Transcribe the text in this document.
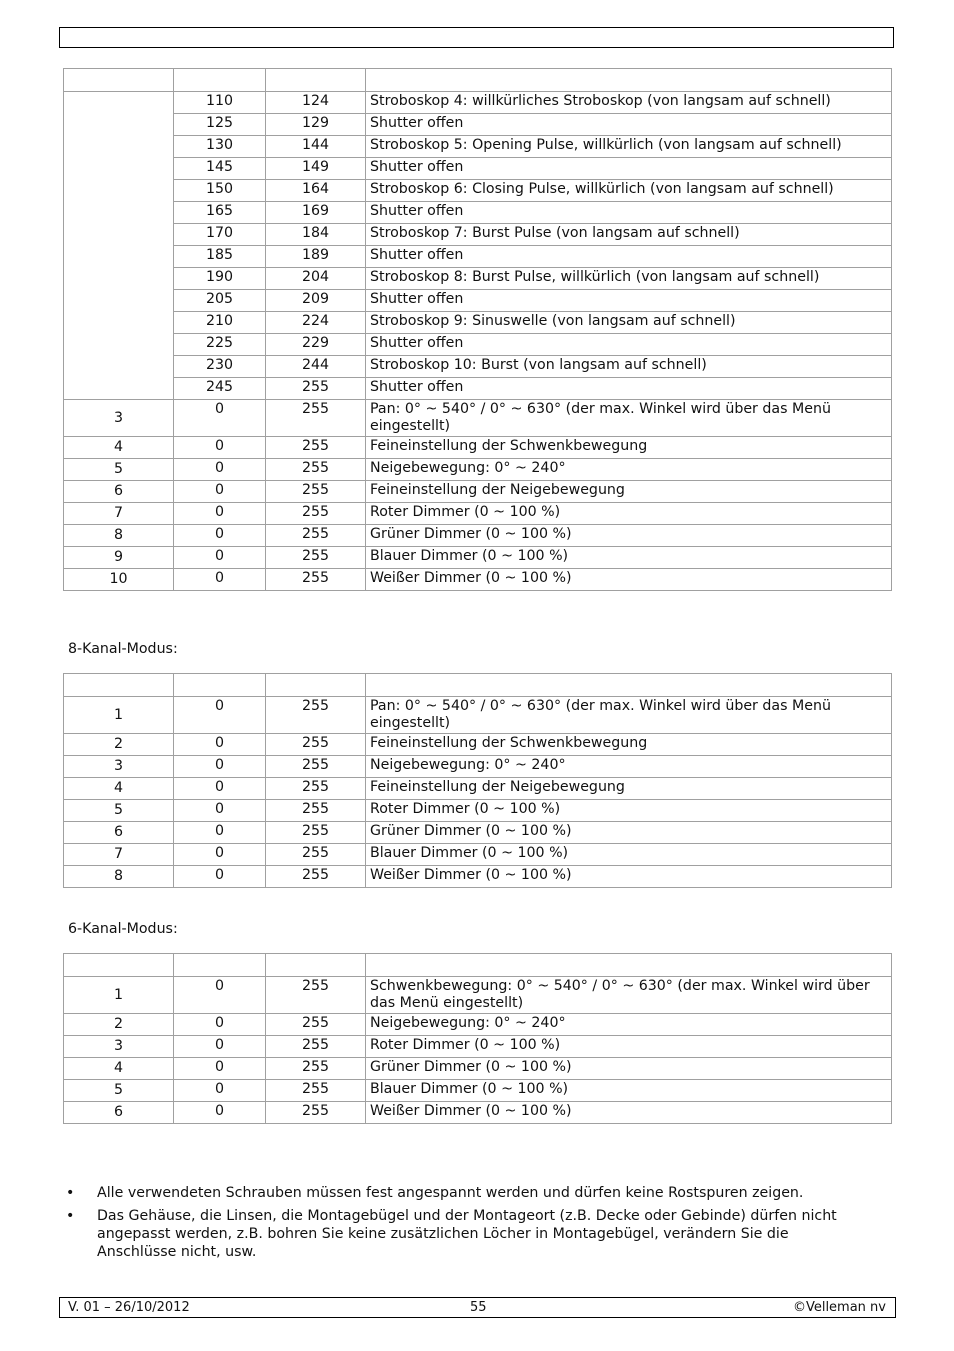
	110	124	Stroboskop 4: willkürliches Stroboskop (von langsam auf schnell)
	125	129	Shutter offen
	130	144	Stroboskop 5: Opening Pulse, willkürlich (von langsam auf schnell)
	145	149	Shutter offen
	150	164	Stroboskop 6: Closing Pulse, willkürlich (von langsam auf schnell)
	165	169	Shutter offen
	170	184	Stroboskop 7: Burst Pulse (von langsam auf schnell)
	185	189	Shutter offen
	190	204	Stroboskop 8: Burst Pulse, willkürlich (von langsam auf schnell)
	205	209	Shutter offen
	210	224	Stroboskop 9: Sinuswelle (von langsam auf schnell)
	225	229	Shutter offen
	230	244	Stroboskop 10: Burst (von langsam auf schnell)
	245	255	Shutter offen
3	0	255	Pan: 0° ~ 540° / 0° ~ 630° (der max. Winkel wird über das Menü eingestellt)
4	0	255	Feineinstellung der Schwenkbewegung
5	0	255	Neigebewegung: 0° ~ 240°
6	0	255	Feineinstellung der Neigebewegung
7	0	255	Roter Dimmer (0 ~ 100 %)
8	0	255	Grüner Dimmer (0 ~ 100 %)
9	0	255	Blauer Dimmer (0 ~ 100 %)
10	0	255	Weißer Dimmer (0 ~ 100 %)
8-Kanal-Modus:

1	0	255	Pan: 0° ~ 540° / 0° ~ 630° (der max. Winkel wird über das Menü eingestellt)
2	0	255	Feineinstellung der Schwenkbewegung
3	0	255	Neigebewegung: 0° ~ 240°
4	0	255	Feineinstellung der Neigebewegung
5	0	255	Roter Dimmer (0 ~ 100 %)
6	0	255	Grüner Dimmer (0 ~ 100 %)
7	0	255	Blauer Dimmer (0 ~ 100 %)
8	0	255	Weißer Dimmer (0 ~ 100 %)
6-Kanal-Modus:

1	0	255	Schwenkbewegung: 0° ~ 540° / 0° ~ 630° (der max. Winkel wird über das Menü eingestellt)
2	0	255	Neigebewegung: 0° ~ 240°
3	0	255	Roter Dimmer (0 ~ 100 %)
4	0	255	Grüner Dimmer (0 ~ 100 %)
5	0	255	Blauer Dimmer (0 ~ 100 %)
6	0	255	Weißer Dimmer (0 ~ 100 %)
• Alle verwendeten Schrauben müssen fest angespannt werden und dürfen keine Rostspuren zeigen.
• Das Gehäuse, die Linsen, die Montagebügel und der Montageort (z.B. Decke oder Gebinde) dürfen nicht angepasst werden, z.B. bohren Sie keine zusätzlichen Löcher in Montagebügel, verändern Sie die Anschlüsse nicht, usw.
V. 01 – 26/10/2012	55	©Velleman nv
